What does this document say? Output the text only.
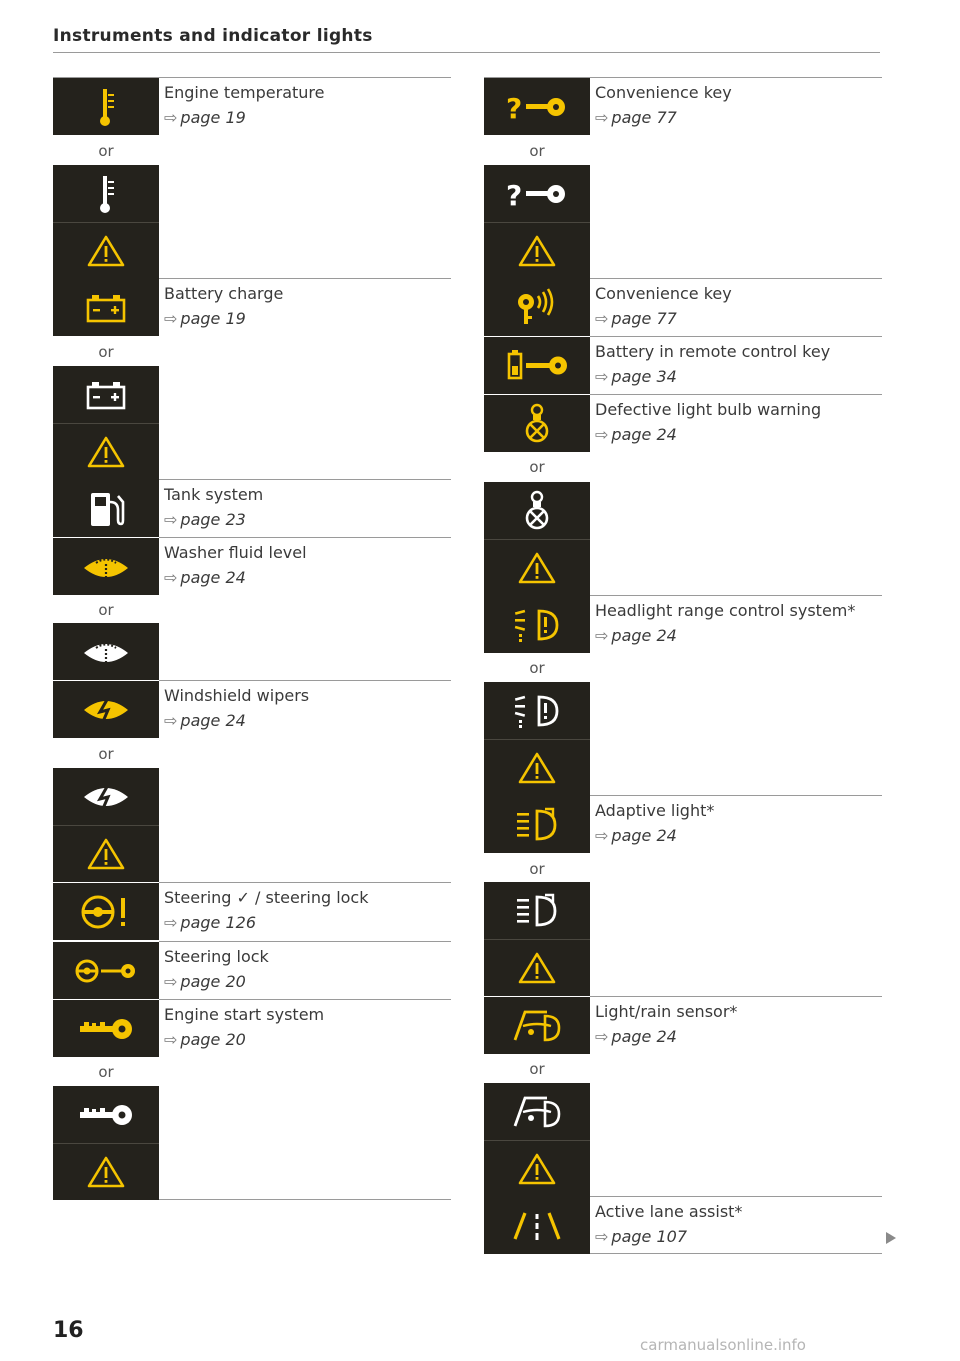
Instruments and indicator lights
or
Engine temperature
⇨ page 19
or
Battery charge
⇨ page 19
Tank system
⇨ page 23
or
Washer fluid level
⇨ page 24
or
Windshield wipers
⇨ page 24
Steering ✓ / steering lock
⇨ page 126
Steering lock
⇨ page 20
or
Engine start system
⇨ page 20
?
?
or
Convenience key
⇨ page 77
Convenience key
⇨ page 77
Battery in remote control key
⇨ page 34
or
Defective light bulb warning
⇨ page 24
or
Headlight range control system*
⇨ page 24
or
Adaptive light*
⇨ page 24
or
Light/rain sensor*
⇨ page 24
Active lane assist*
⇨ page 107
16
carmanualsonline.info
